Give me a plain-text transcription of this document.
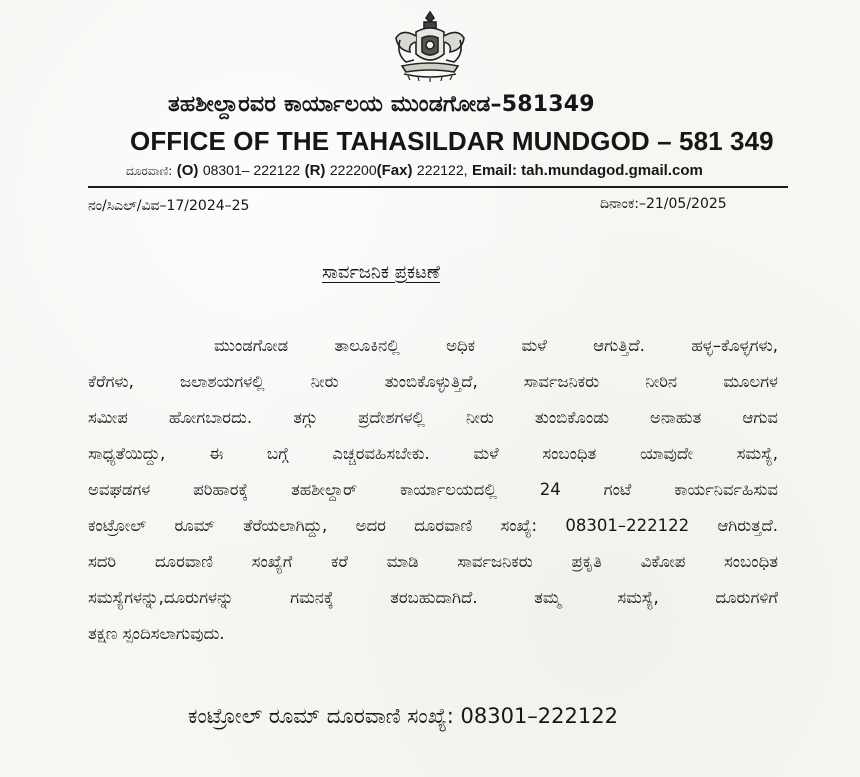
ತಹಶೀಲ್ದಾರವರ ಕಾರ್ಯಾಲಯ ಮುಂಡಗೋಡ–581349
OFFICE OF THE TAHASILDAR MUNDGOD – 581 349
ದೂರವಾಣಿ: (O) 08301– 222122 (R) 222200(Fax) 222122, Email: tah.mundagod.gmail.com
ನಂ/ಸಿಎಲ್/ವಿವ–17/2024–25	ದಿನಾಂಕ:–21/05/2025
ಸಾರ್ವಜನಿಕ ಪ್ರಕಟಣೆ
ಮುಂಡಗೋಡ ತಾಲೂಕಿನಲ್ಲಿ ಅಧಿಕ ಮಳೆ ಆಗುತ್ತಿದೆ. ಹಳ್ಳ–ಕೊಳ್ಳಗಳು,
ಕೆರೆಗಳು, ಜಲಾಶಯಗಳಲ್ಲಿ ನೀರು ತುಂಬಿಕೊಳ್ಳುತ್ತಿದೆ, ಸಾರ್ವಜನಿಕರು ನೀರಿನ ಮೂಲಗಳ
ಸಮೀಪ ಹೋಗಬಾರದು. ತಗ್ಗು ಪ್ರದೇಶಗಳಲ್ಲಿ ನೀರು ತುಂಬಿಕೊಂಡು ಅನಾಹುತ ಆಗುವ
ಸಾಧ್ಯತೆಯಿದ್ದು, ಈ ಬಗ್ಗೆ ಎಚ್ಚರವಹಿಸಬೇಕು. ಮಳೆ ಸಂಬಂಧಿತ ಯಾವುದೇ ಸಮಸ್ಯೆ,
ಅವಘಡಗಳ ಪರಿಹಾರಕ್ಕೆ ತಹಶೀಲ್ದಾರ್ ಕಾರ್ಯಾಲಯದಲ್ಲಿ 24 ಗಂಟೆ ಕಾರ್ಯನಿರ್ವಹಿಸುವ
ಕಂಟ್ರೋಲ್ ರೂಮ್ ತೆರೆಯಲಾಗಿದ್ದು, ಅದರ ದೂರವಾಣಿ ಸಂಖ್ಯೆ: 08301–222122 ಆಗಿರುತ್ತದೆ.
ಸದರಿ ದೂರವಾಣಿ ಸಂಖ್ಯೆಗೆ ಕರೆ ಮಾಡಿ ಸಾರ್ವಜನಿಕರು ಪ್ರಕೃತಿ ವಿಕೋಪ ಸಂಬಂಧಿತ
ಸಮಸ್ಯೆಗಳನ್ನು,ದೂರುಗಳನ್ನು ಗಮನಕ್ಕೆ ತರಬಹುದಾಗಿದೆ. ತಮ್ಮ ಸಮಸ್ಯೆ, ದೂರುಗಳಿಗೆ
ತಕ್ಷಣ ಸ್ಪಂದಿಸಲಾಗುವುದು.
ಕಂಟ್ರೋಲ್ ರೂಮ್ ದೂರವಾಣಿ ಸಂಖ್ಯೆ: 08301–222122
